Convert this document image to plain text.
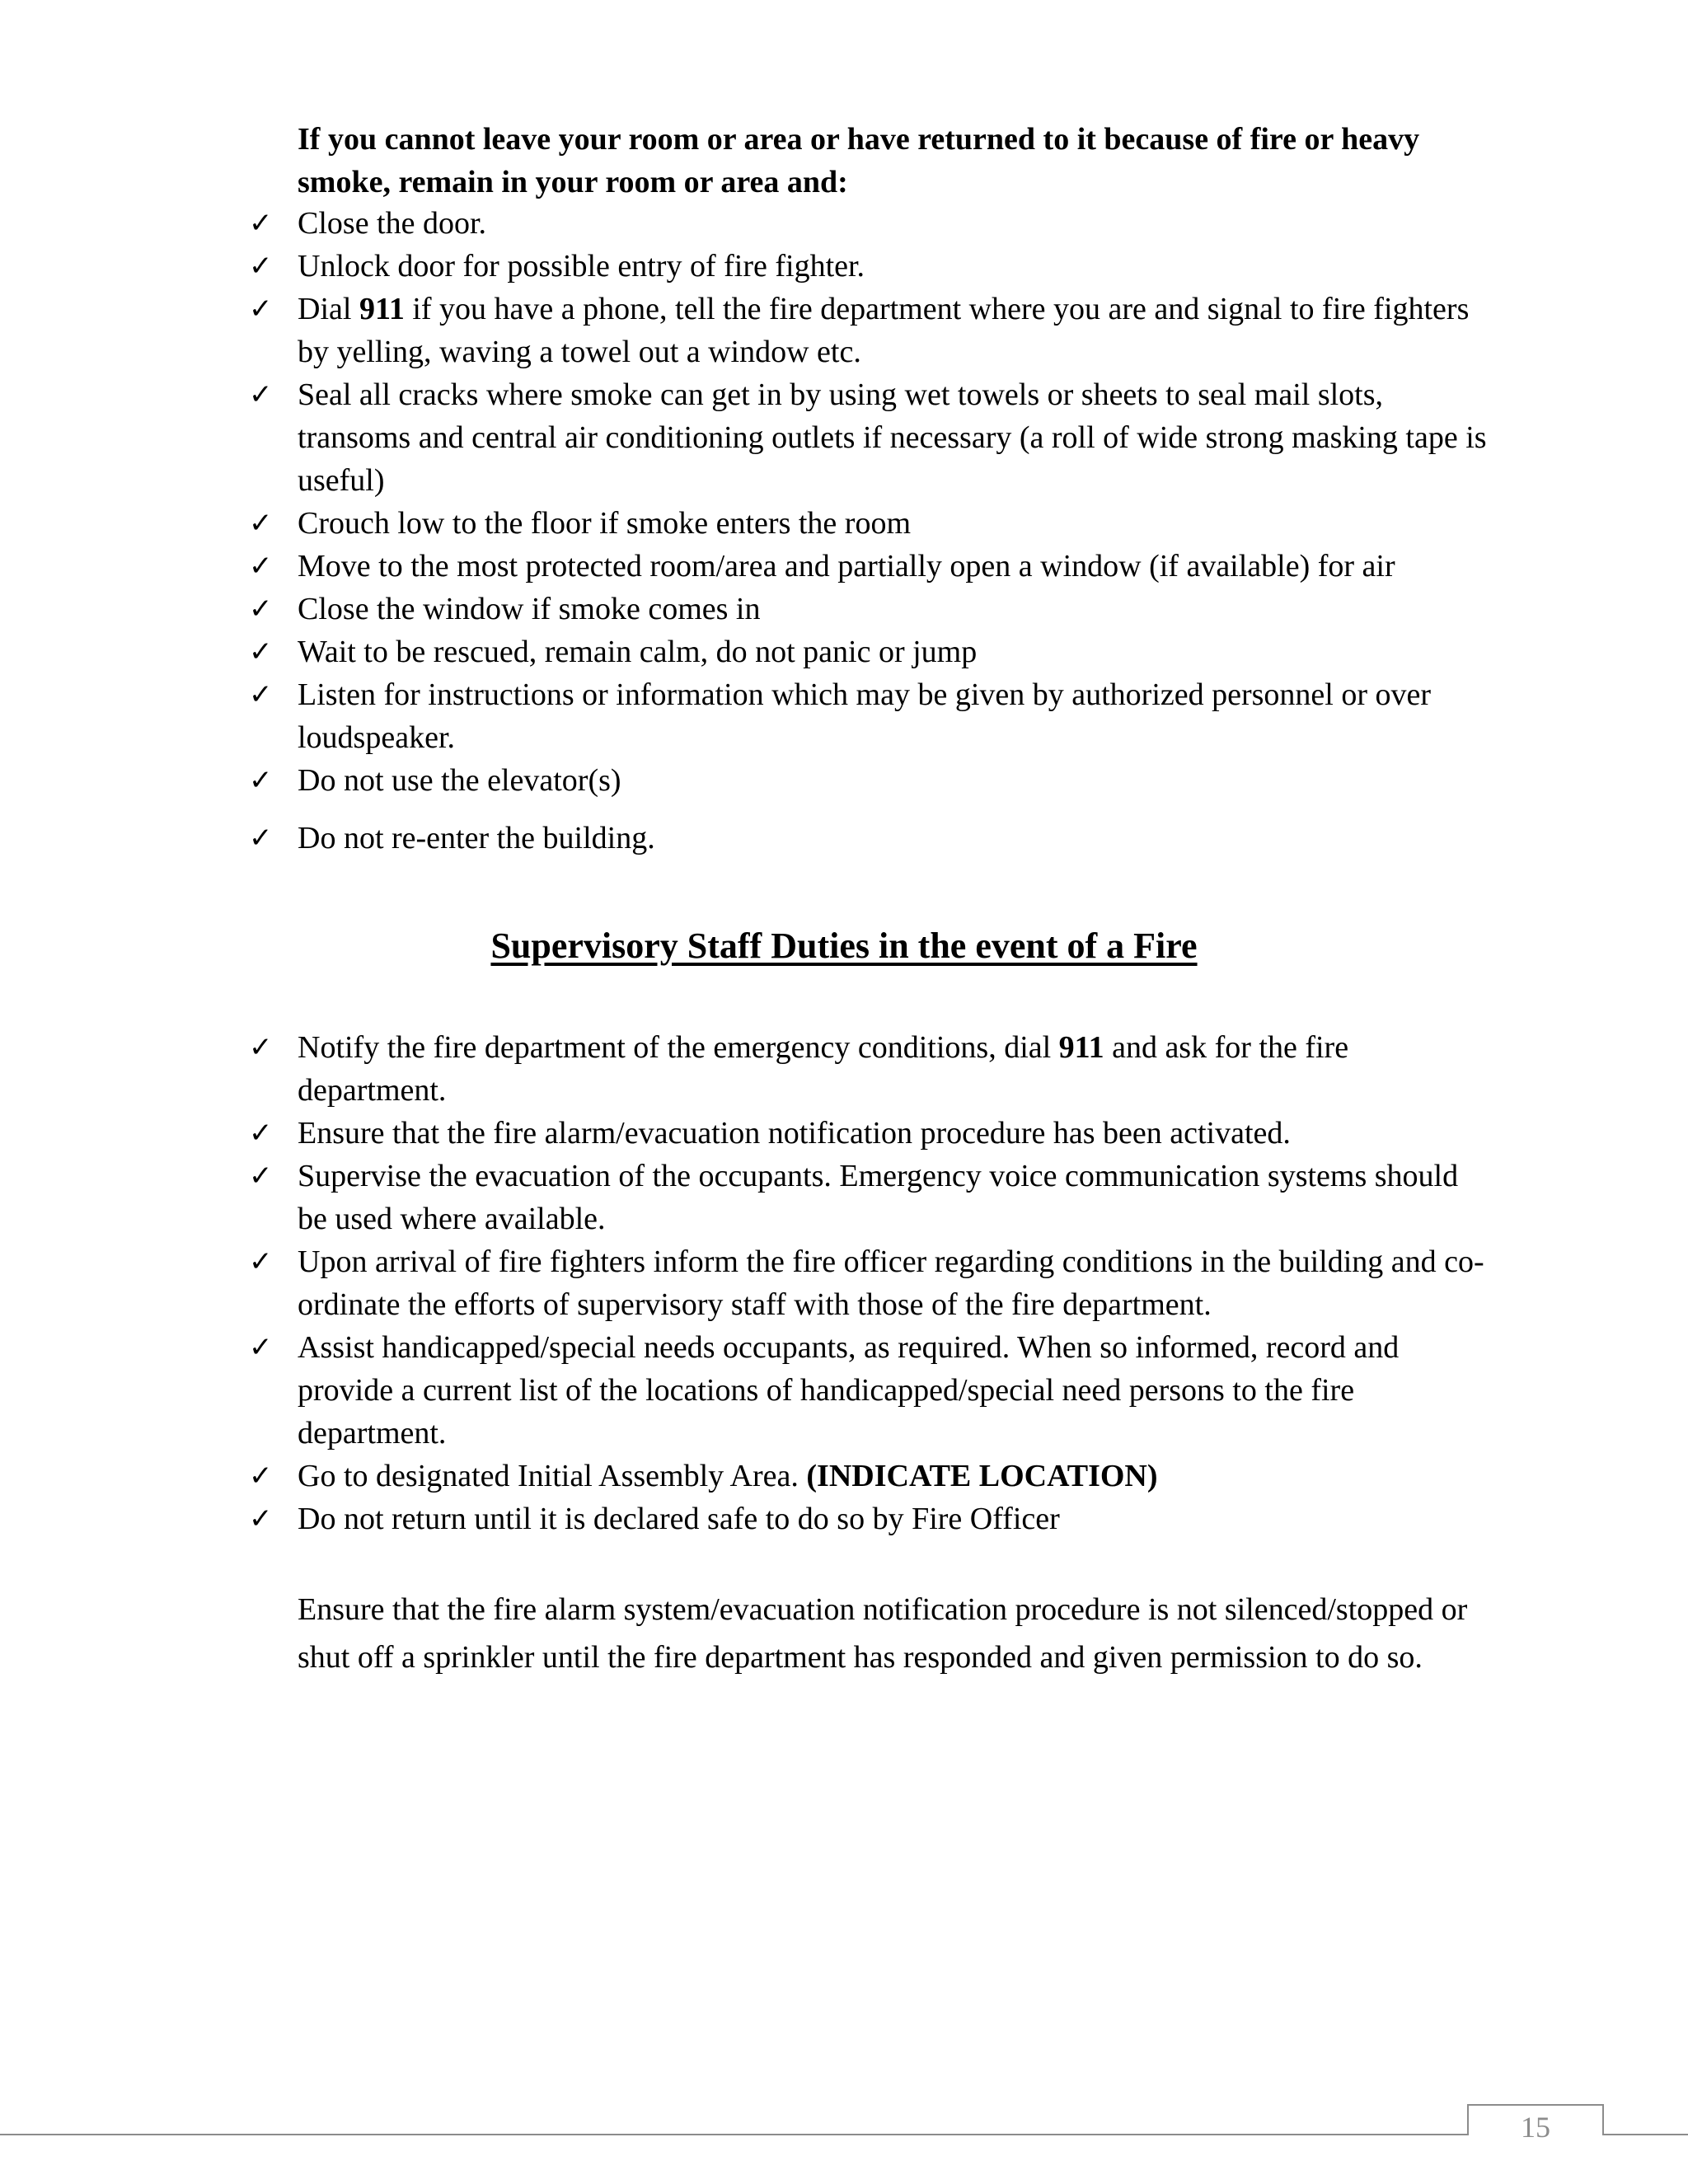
If you cannot leave your room or area or have returned to it because of fire or heavy smoke, remain in your room or area and:
✓ Close the door.
✓ Unlock door for possible entry of fire fighter.
✓ Dial 911 if you have a phone, tell the fire department where you are and signal to fire fighters by yelling, waving a towel out a window etc.
✓ Seal all cracks where smoke can get in by using wet towels or sheets to seal mail slots, transoms and central air conditioning outlets if necessary (a roll of wide strong masking tape is useful)
✓ Crouch low to the floor if smoke enters the room
✓ Move to the most protected room/area and partially open a window (if available) for air
✓ Close the window if smoke comes in
✓ Wait to be rescued, remain calm, do not panic or jump
✓ Listen for instructions or information which may be given by authorized personnel or over loudspeaker.
✓ Do not use the elevator(s)
✓ Do not re-enter the building.
Supervisory Staff Duties in the event of a Fire
✓ Notify the fire department of the emergency conditions, dial 911 and ask for the fire department.
✓ Ensure that the fire alarm/evacuation notification procedure has been activated.
✓ Supervise the evacuation of the occupants. Emergency voice communication systems should be used where available.
✓ Upon arrival of fire fighters inform the fire officer regarding conditions in the building and co-ordinate the efforts of supervisory staff with those of the fire department.
✓ Assist handicapped/special needs occupants, as required. When so informed, record and provide a current list of the locations of handicapped/special need persons to the fire department.
✓ Go to designated Initial Assembly Area. (INDICATE LOCATION)
✓ Do not return until it is declared safe to do so by Fire Officer
Ensure that the fire alarm system/evacuation notification procedure is not silenced/stopped or shut off a sprinkler until the fire department has responded and given permission to do so.
15
